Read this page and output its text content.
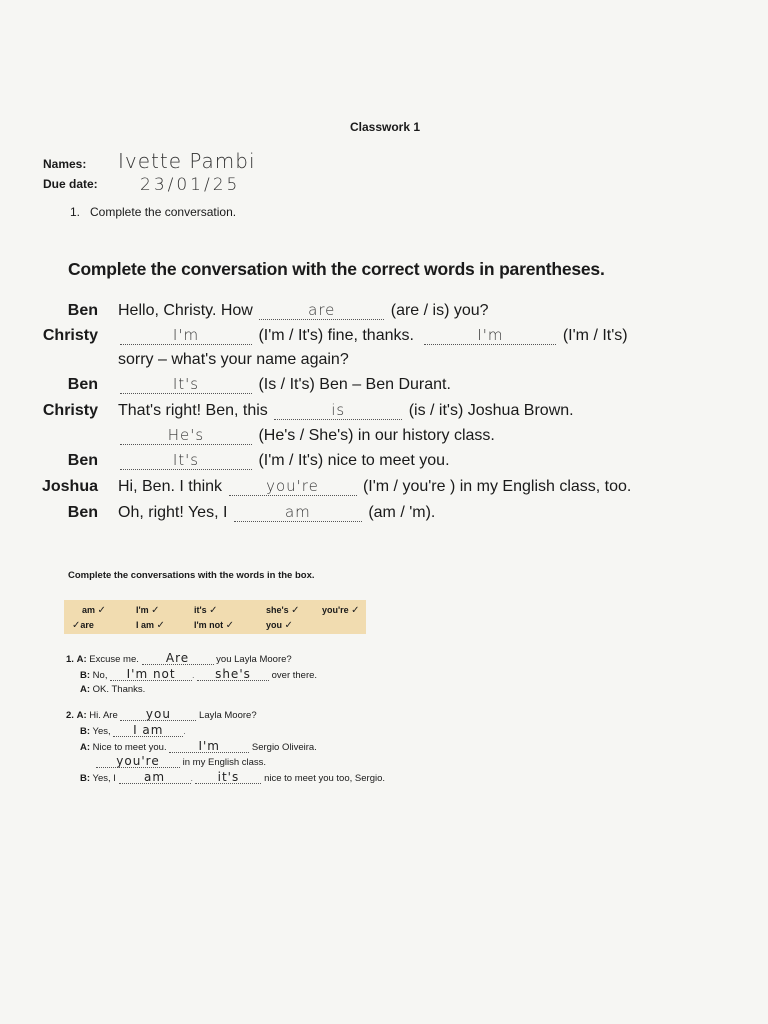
Classwork 1
Names: Ivette Pambi
Due date: 23/01/25
1.   Complete the conversation.
Complete the conversation with the correct words in parentheses.
Ben Hello, Christy. How	are	(are / is) you?
Christy	I'm	(I'm / It's) fine, thanks.	I'm	(I'm / It's)
sorry – what's your name again?
Ben	It's	(Is / It's) Ben – Ben Durant.
Christy That's right! Ben, this	is	(is / it's) Joshua Brown.
He's	(He's / She's) in our history class.
Ben	It's	(I'm / It's) nice to meet you.
Joshua Hi, Ben. I think	you're	(I'm / you're ) in my English class, too.
Ben Oh, right! Yes, I	am	(am / 'm).
Complete the conversations with the words in the box.
am ✓	I'm ✓	it's ✓	she's ✓ you're ✓
✓are	I am ✓	I'm not ✓	you ✓
1. A: Excuse me. Are	you Layla Moore?
B: No, I'm not . she's over there.
A: OK. Thanks.
2. A: Hi. Are you	Layla Moore?
B: Yes, I am .
A: Nice to meet you.	I'm	Sergio Oliveira.
you're in my English class.
B: Yes, I am	. it's	nice to meet you too, Sergio.
